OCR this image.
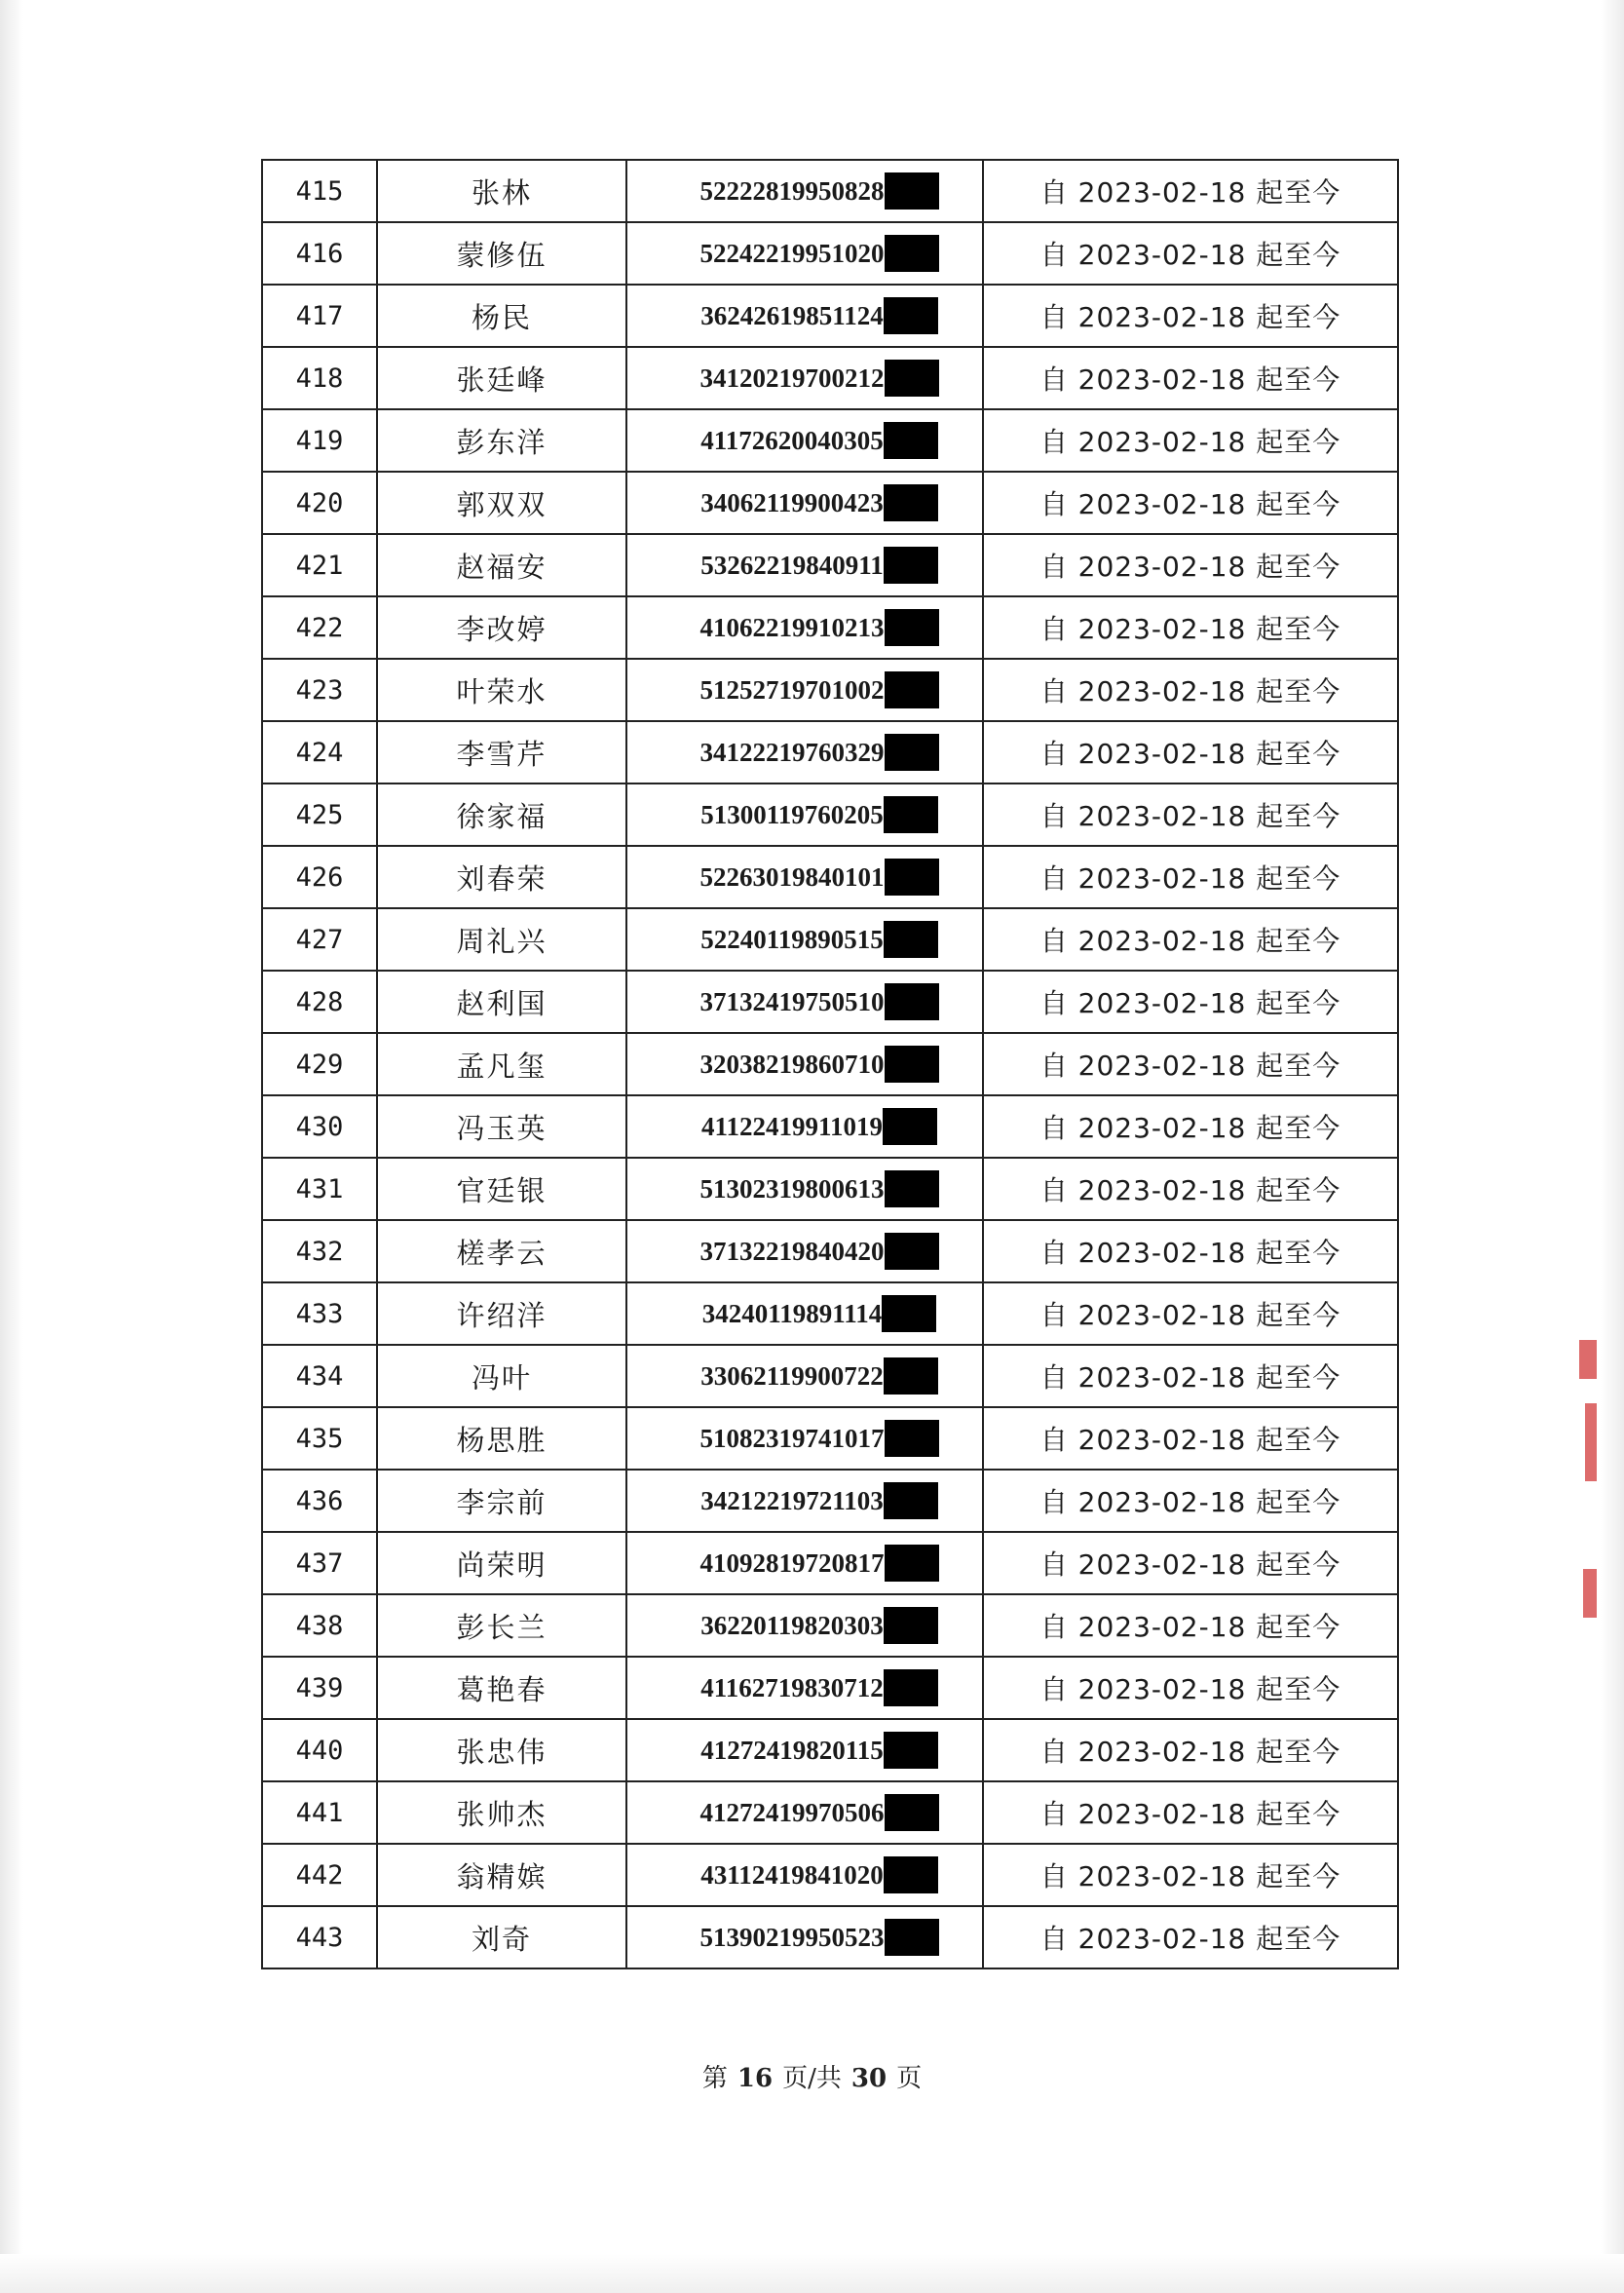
415	张林	52222819950828	自 2023-02-18 起至今
416	蒙修伍	52242219951020	自 2023-02-18 起至今
417	杨民	36242619851124	自 2023-02-18 起至今
418	张廷峰	34120219700212	自 2023-02-18 起至今
419	彭东洋	41172620040305	自 2023-02-18 起至今
420	郭双双	34062119900423	自 2023-02-18 起至今
421	赵福安	53262219840911	自 2023-02-18 起至今
422	李改婷	41062219910213	自 2023-02-18 起至今
423	叶荣水	51252719701002	自 2023-02-18 起至今
424	李雪芹	34122219760329	自 2023-02-18 起至今
425	徐家福	51300119760205	自 2023-02-18 起至今
426	刘春荣	52263019840101	自 2023-02-18 起至今
427	周礼兴	52240119890515	自 2023-02-18 起至今
428	赵利国	37132419750510	自 2023-02-18 起至今
429	孟凡玺	32038219860710	自 2023-02-18 起至今
430	冯玉英	41122419911019	自 2023-02-18 起至今
431	官廷银	51302319800613	自 2023-02-18 起至今
432	槎孝云	37132219840420	自 2023-02-18 起至今
433	许绍洋	34240119891114	自 2023-02-18 起至今
434	冯叶	33062119900722	自 2023-02-18 起至今
435	杨思胜	51082319741017	自 2023-02-18 起至今
436	李宗前	34212219721103	自 2023-02-18 起至今
437	尚荣明	41092819720817	自 2023-02-18 起至今
438	彭长兰	36220119820303	自 2023-02-18 起至今
439	葛艳春	41162719830712	自 2023-02-18 起至今
440	张忠伟	41272419820115	自 2023-02-18 起至今
441	张帅杰	41272419970506	自 2023-02-18 起至今
442	翁精嫔	43112419841020	自 2023-02-18 起至今
443	刘奇	51390219950523	自 2023-02-18 起至今
第 16 页/共 30 页
